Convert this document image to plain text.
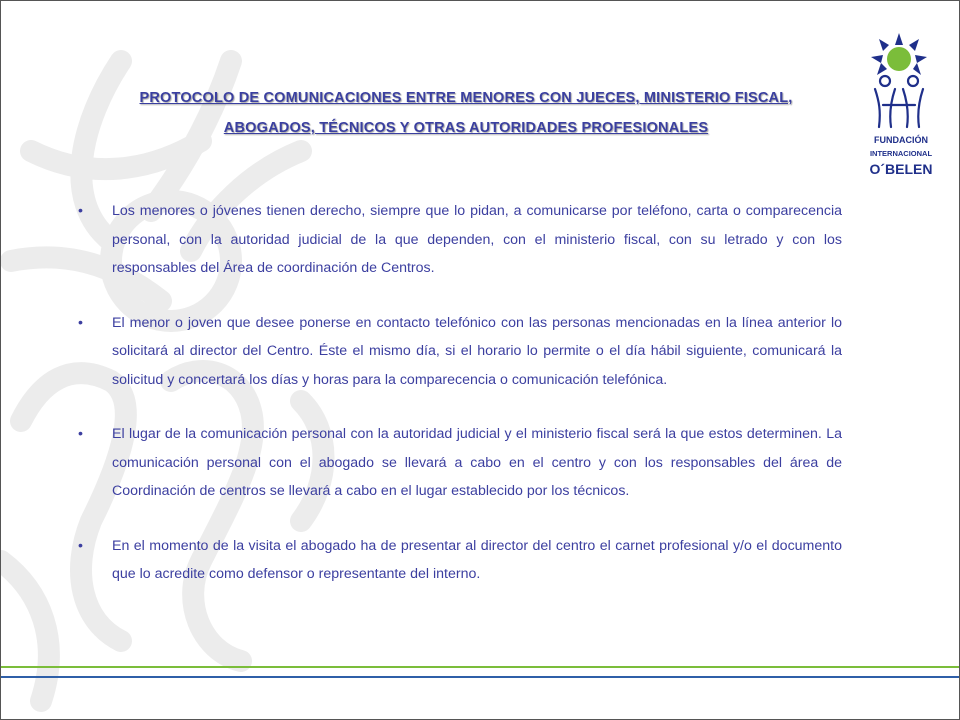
PROTOCOLO DE COMUNICACIONES ENTRE MENORES CON JUECES, MINISTERIO FISCAL,
ABOGADOS, TÉCNICOS Y OTRAS AUTORIDADES PROFESIONALES
FUNDACIÓN
INTERNACIONAL
O´BELEN
• Los menores o jóvenes tienen derecho, siempre que lo pidan, a comunicarse por teléfono, carta o comparecencia personal, con la autoridad judicial de la que dependen, con el ministerio fiscal, con su letrado y con los responsables del Área de coordinación de Centros.
• El menor o joven que desee ponerse en contacto telefónico con las personas mencionadas en la línea anterior lo solicitará al director del Centro. Éste el mismo día, si el horario lo permite o el día hábil siguiente, comunicará la solicitud y concertará los días y horas para la comparecencia o comunicación telefónica.
• El lugar de la comunicación personal con la autoridad judicial y el ministerio fiscal será la que estos determinen. La comunicación personal con el abogado se llevará a cabo en el centro y con los responsables del área de Coordinación de centros se llevará a cabo en el lugar establecido por los técnicos.
• En el momento de la visita el abogado ha de presentar al director del centro el carnet profesional y/o el documento que lo acredite como defensor o representante del interno.
